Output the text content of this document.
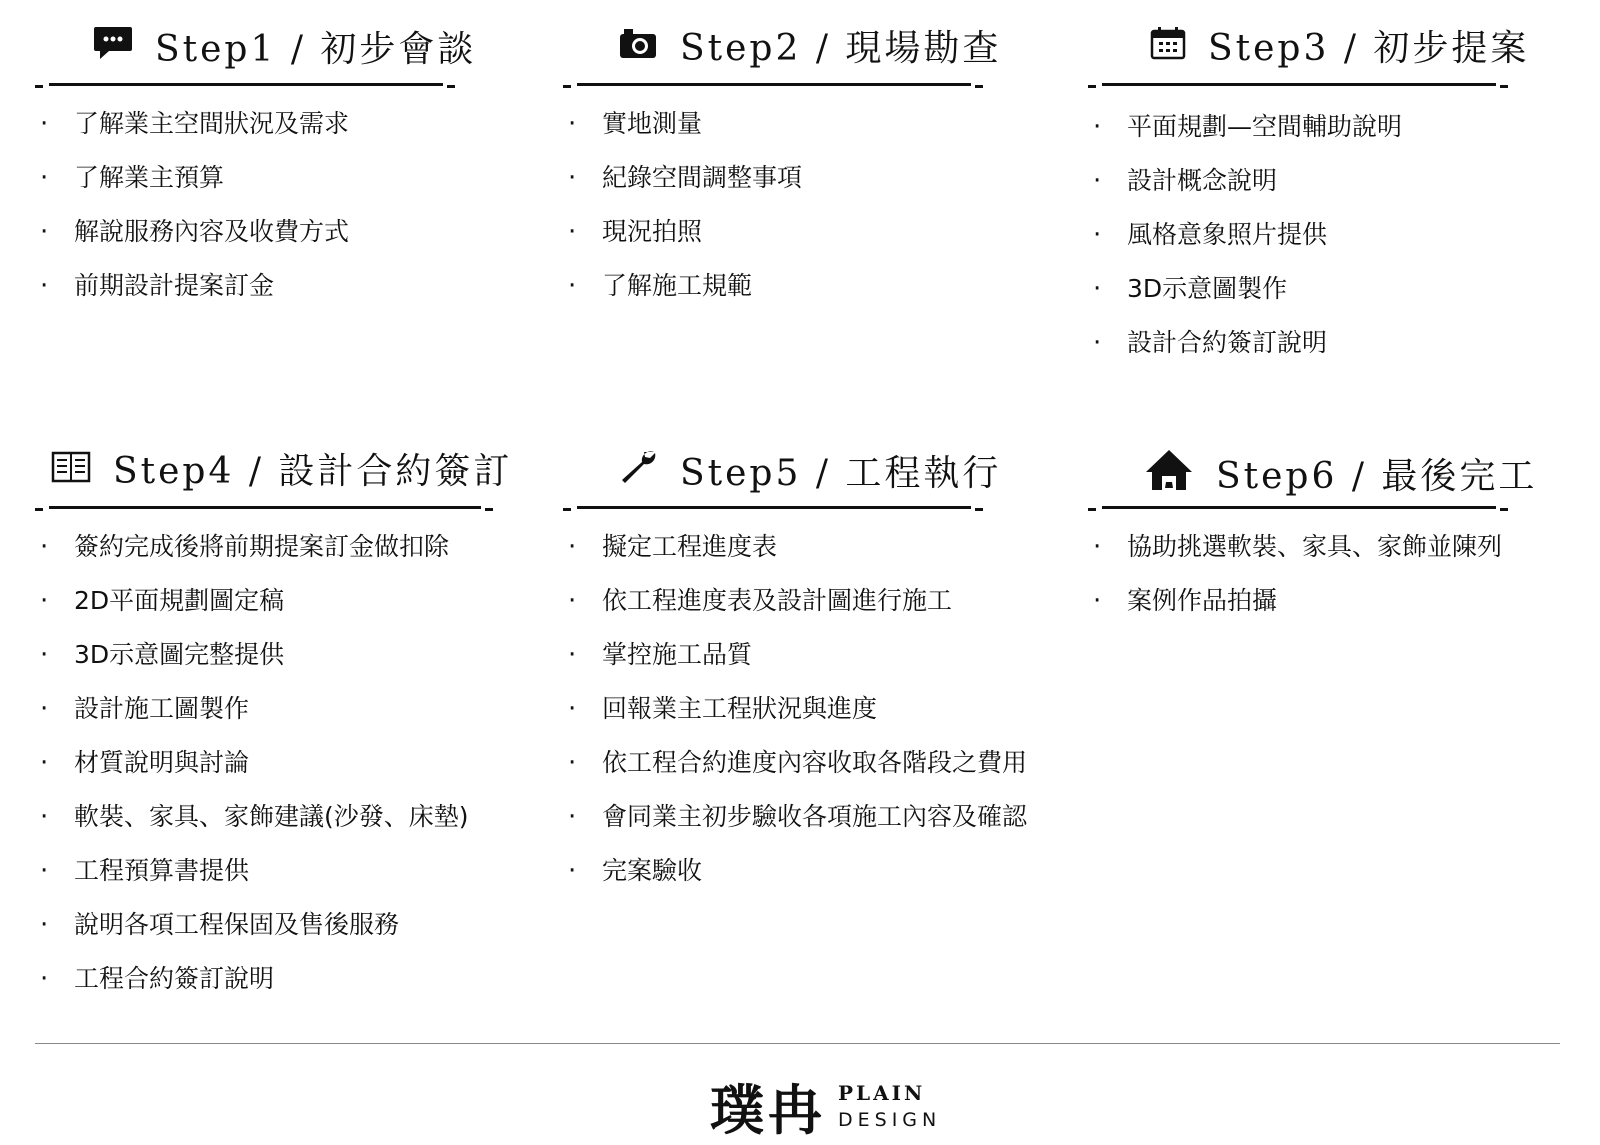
Step1 / 初步會談
· 了解業主空間狀況及需求
· 了解業主預算
· 解說服務內容及收費方式
· 前期設計提案訂金
Step2 / 現場勘查
· 實地測量
· 紀錄空間調整事項
· 現況拍照
· 了解施工規範
Step3 / 初步提案
· 平面規劃—空間輔助說明
· 設計概念說明
· 風格意象照片提供
· 3D示意圖製作
· 設計合約簽訂說明
Step4 / 設計合約簽訂
· 簽約完成後將前期提案訂金做扣除
· 2D平面規劃圖定稿
· 3D示意圖完整提供
· 設計施工圖製作
· 材質說明與討論
· 軟裝、家具、家飾建議(沙發、床墊)
· 工程預算書提供
· 說明各項工程保固及售後服務
· 工程合約簽訂說明
Step5 / 工程執行
· 擬定工程進度表
· 依工程進度表及設計圖進行施工
· 掌控施工品質
· 回報業主工程狀況與進度
· 依工程合約進度內容收取各階段之費用
· 會同業主初步驗收各項施工內容及確認
· 完案驗收
Step6 / 最後完工
· 協助挑選軟裝、家具、家飾並陳列
· 案例作品拍攝
璞冉 PLAIN
DESIGN
